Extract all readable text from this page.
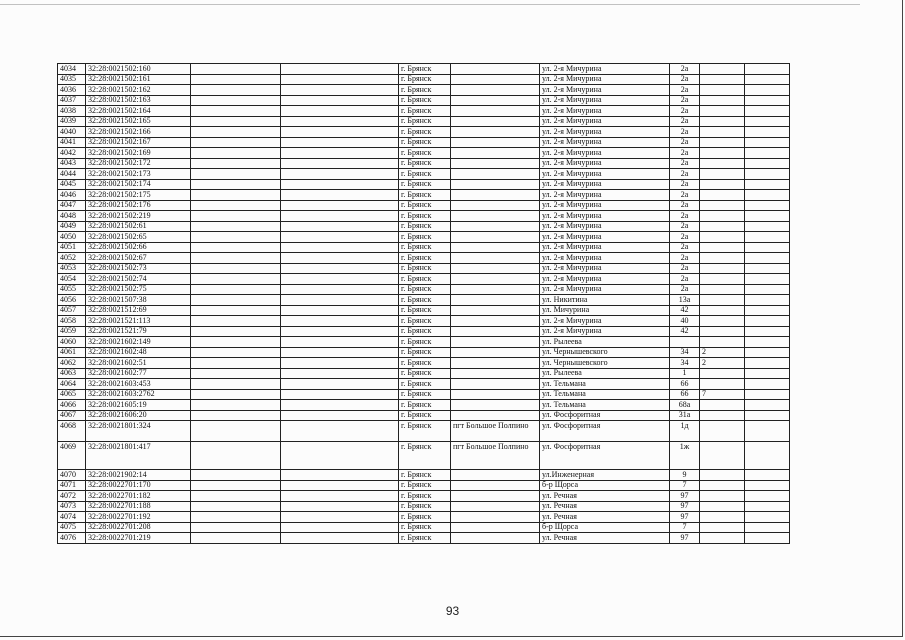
4034	32:28:0021502:160			г. Брянск		ул. 2-я Мичурина	2а		
4035	32:28:0021502:161			г. Брянск		ул. 2-я Мичурина	2а		
4036	32:28:0021502:162			г. Брянск		ул. 2-я Мичурина	2а		
4037	32:28:0021502:163			г. Брянск		ул. 2-я Мичурина	2а		
4038	32:28:0021502:164			г. Брянск		ул. 2-я Мичурина	2а		
4039	32:28:0021502:165			г. Брянск		ул. 2-я Мичурина	2а		
4040	32:28:0021502:166			г. Брянск		ул. 2-я Мичурина	2а		
4041	32:28:0021502:167			г. Брянск		ул. 2-я Мичурина	2а		
4042	32:28:0021502:169			г. Брянск		ул. 2-я Мичурина	2а		
4043	32:28:0021502:172			г. Брянск		ул. 2-я Мичурина	2а		
4044	32:28:0021502:173			г. Брянск		ул. 2-я Мичурина	2а		
4045	32:28:0021502:174			г. Брянск		ул. 2-я Мичурина	2а		
4046	32:28:0021502:175			г. Брянск		ул. 2-я Мичурина	2а		
4047	32:28:0021502:176			г. Брянск		ул. 2-я Мичурина	2а		
4048	32:28:0021502:219			г. Брянск		ул. 2-я Мичурина	2а		
4049	32:28:0021502:61			г. Брянск		ул. 2-я Мичурина	2а		
4050	32:28:0021502:65			г. Брянск		ул. 2-я Мичурина	2а		
4051	32:28:0021502:66			г. Брянск		ул. 2-я Мичурина	2а		
4052	32:28:0021502:67			г. Брянск		ул. 2-я Мичурина	2а		
4053	32:28:0021502:73			г. Брянск		ул. 2-я Мичурина	2а		
4054	32:28:0021502:74			г. Брянск		ул. 2-я Мичурина	2а		
4055	32:28:0021502:75			г. Брянск		ул. 2-я Мичурина	2а		
4056	32:28:0021507:38			г. Брянск		ул. Никитина	13а		
4057	32:28:0021512:69			г. Брянск		ул. Мичурина	42		
4058	32:28:0021521:113			г. Брянск		ул. 2-я Мичурина	40		
4059	32:28:0021521:79			г. Брянск		ул. 2-я Мичурина	42		
4060	32:28:0021602:149			г. Брянск		ул. Рылеева			
4061	32:28:0021602:48			г. Брянск		ул. Чернышевского	34	2	
4062	32:28:0021602:51			г. Брянск		ул. Чернышевского	34	2	
4063	32:28:0021602:77			г. Брянск		ул. Рылеева	1		
4064	32:28:0021603:453			г. Брянск		ул. Тельмана	66		
4065	32:28:0021603:2762			г. Брянск		ул. Тельмана	66	7	
4066	32:28:0021605:19			г. Брянск		ул. Тельмана	68а		
4067	32:28:0021606:20			г. Брянск		ул. Фосфоритная	31а		
4068	32:28:0021801:324			г. Брянск	пгт Большое Полпино	ул. Фосфоритная	1д		
4069	32:28:0021801:417			г. Брянск	пгт Большое Полпино	ул. Фосфоритная	1ж		
4070	32:28:0021902:14			г. Брянск		ул.Инженерная	9		
4071	32:28:0022701:170			г. Брянск		б-р Щорса	7		
4072	32:28:0022701:182			г. Брянск		ул. Речная	97		
4073	32:28:0022701:188			г. Брянск		ул. Речная	97		
4074	32:28:0022701:192			г. Брянск		ул. Речная	97		
4075	32:28:0022701:208			г. Брянск		б-р Щорса	7		
4076	32:28:0022701:219			г. Брянск		ул. Речная	97		
93
